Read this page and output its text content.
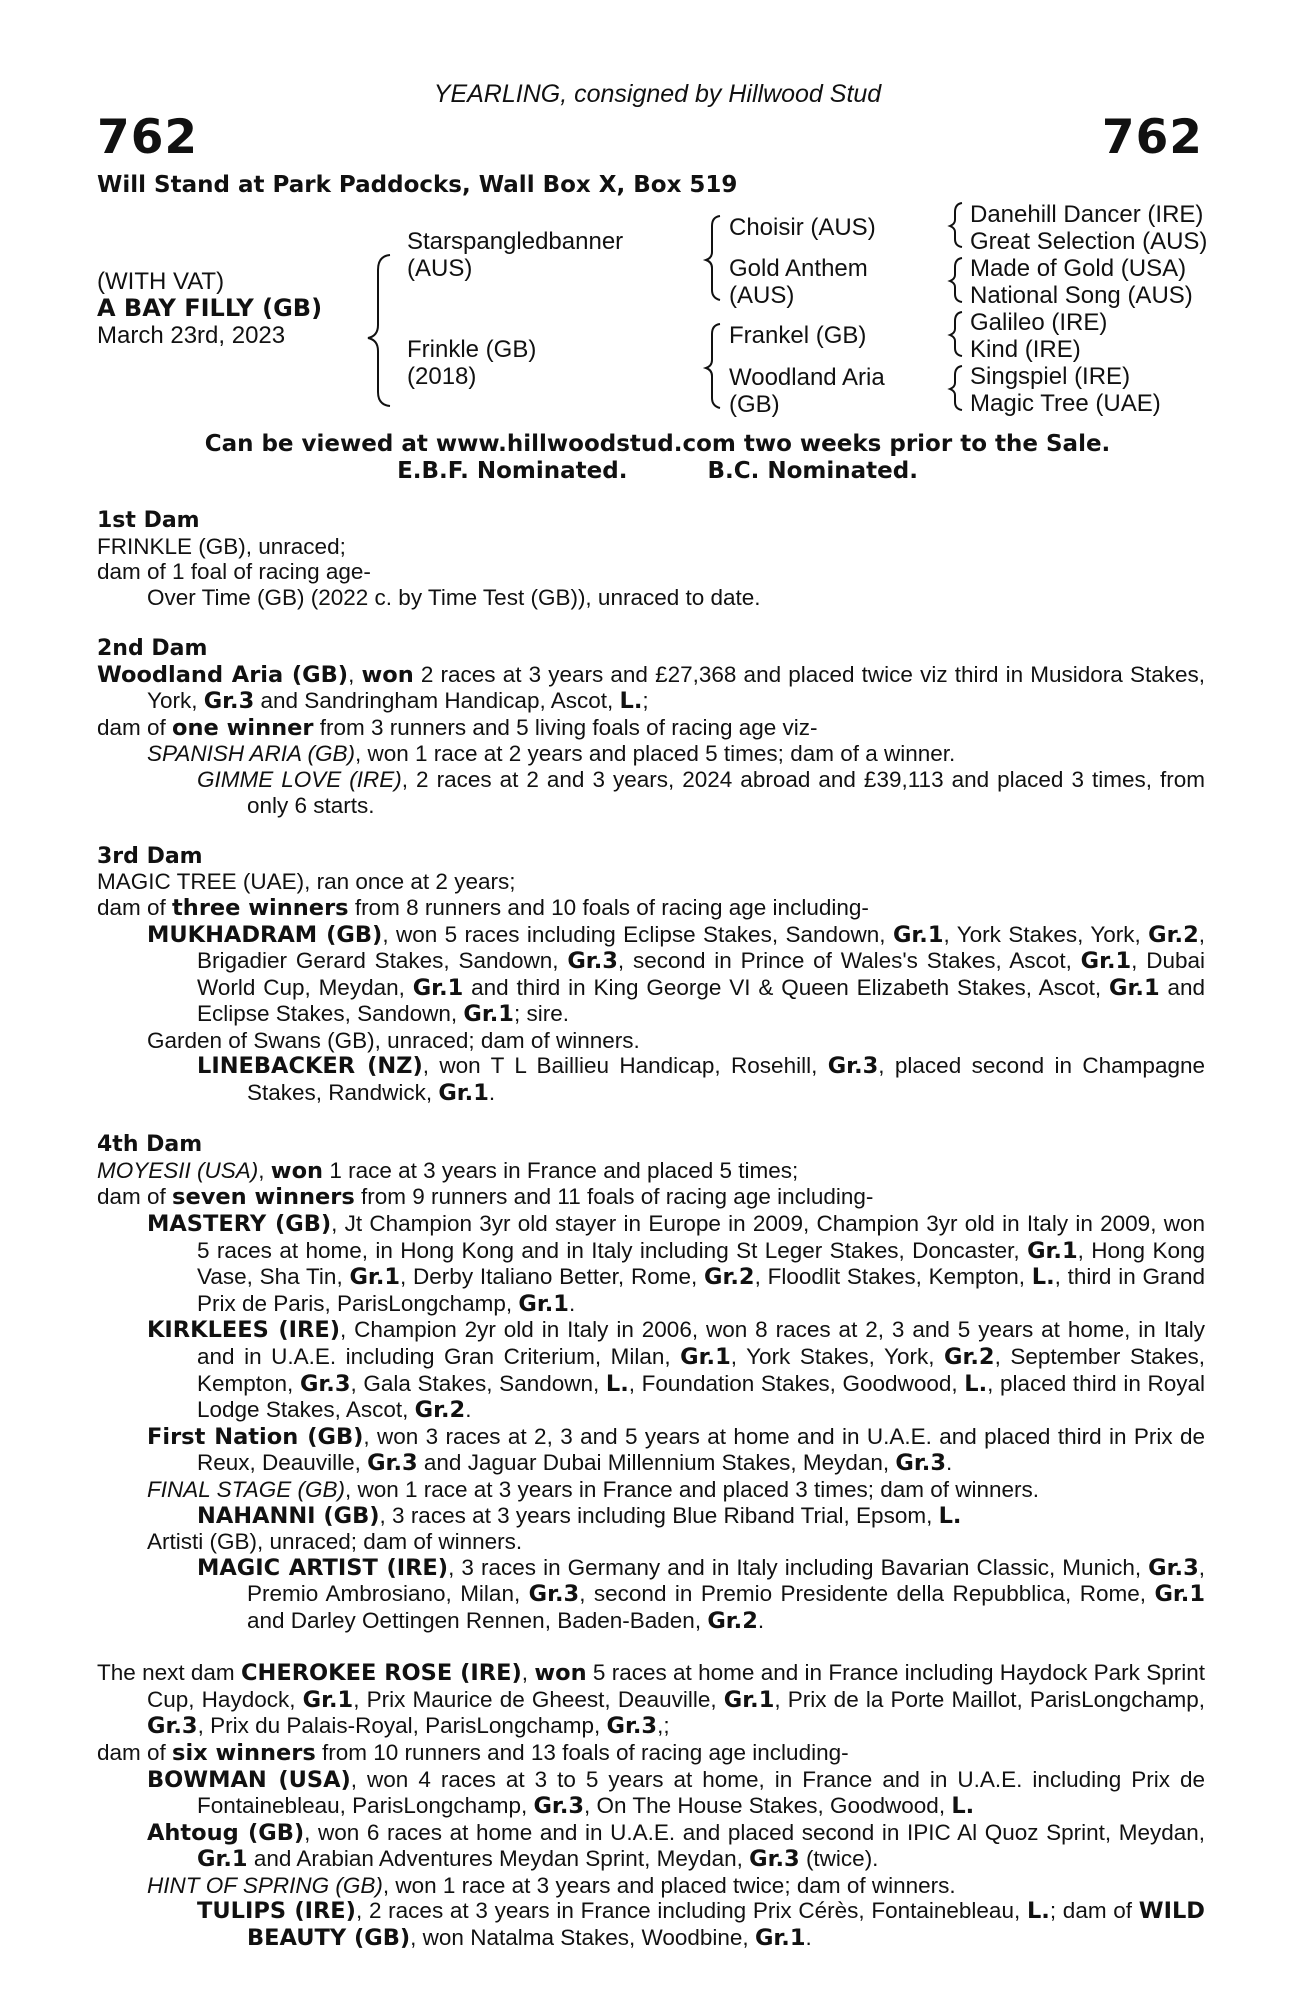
YEARLING, consigned by Hillwood Stud
762	762
Will Stand at Park Paddocks, Wall Box X, Box 519
(WITH VAT)
A BAY FILLY (GB)
March 23rd, 2023
Starspangledbanner
(AUS)
Frinkle (GB)
(2018)
Choisir (AUS)
Gold Anthem
(AUS)
Frankel (GB)
Woodland Aria
(GB)
Danehill Dancer (IRE)
Great Selection (AUS)
Made of Gold (USA)
National Song (AUS)
Galileo (IRE)
Kind (IRE)
Singspiel (IRE)
Magic Tree (UAE)
Can be viewed at www.hillwoodstud.com two weeks prior to the Sale.
E.B.F. Nominated.	B.C. Nominated.
1st Dam
FRINKLE (GB), unraced;
dam of 1 foal of racing age-
Over Time (GB) (2022 c. by Time Test (GB)), unraced to date.
2nd Dam
Woodland Aria (GB), won 2 races at 3 years and £27,368 and placed twice viz third in Musidora Stakes, York, Gr.3 and Sandringham Handicap, Ascot, L.;
dam of one winner from 3 runners and 5 living foals of racing age viz-
SPANISH ARIA (GB), won 1 race at 2 years and placed 5 times; dam of a winner.
GIMME LOVE (IRE), 2 races at 2 and 3 years, 2024 abroad and £39,113 and placed 3 times, from only 6 starts.
3rd Dam
MAGIC TREE (UAE), ran once at 2 years;
dam of three winners from 8 runners and 10 foals of racing age including-
MUKHADRAM (GB), won 5 races including Eclipse Stakes, Sandown, Gr.1, York Stakes, York, Gr.2, Brigadier Gerard Stakes, Sandown, Gr.3, second in Prince of Wales's Stakes, Ascot, Gr.1, Dubai World Cup, Meydan, Gr.1 and third in King George VI & Queen Elizabeth Stakes, Ascot, Gr.1 and Eclipse Stakes, Sandown, Gr.1; sire.
Garden of Swans (GB), unraced; dam of winners.
LINEBACKER (NZ), won T L Baillieu Handicap, Rosehill, Gr.3, placed second in Champagne Stakes, Randwick, Gr.1.
4th Dam
MOYESII (USA), won 1 race at 3 years in France and placed 5 times;
dam of seven winners from 9 runners and 11 foals of racing age including-
MASTERY (GB), Jt Champion 3yr old stayer in Europe in 2009, Champion 3yr old in Italy in 2009, won 5 races at home, in Hong Kong and in Italy including St Leger Stakes, Doncaster, Gr.1, Hong Kong Vase, Sha Tin, Gr.1, Derby Italiano Better, Rome, Gr.2, Floodlit Stakes, Kempton, L., third in Grand Prix de Paris, ParisLongchamp, Gr.1.
KIRKLEES (IRE), Champion 2yr old in Italy in 2006, won 8 races at 2, 3 and 5 years at home, in Italy and in U.A.E. including Gran Criterium, Milan, Gr.1, York Stakes, York, Gr.2, September Stakes, Kempton, Gr.3, Gala Stakes, Sandown, L., Foundation Stakes, Goodwood, L., placed third in Royal Lodge Stakes, Ascot, Gr.2.
First Nation (GB), won 3 races at 2, 3 and 5 years at home and in U.A.E. and placed third in Prix de Reux, Deauville, Gr.3 and Jaguar Dubai Millennium Stakes, Meydan, Gr.3.
FINAL STAGE (GB), won 1 race at 3 years in France and placed 3 times; dam of winners.
NAHANNI (GB), 3 races at 3 years including Blue Riband Trial, Epsom, L.
Artisti (GB), unraced; dam of winners.
MAGIC ARTIST (IRE), 3 races in Germany and in Italy including Bavarian Classic, Munich, Gr.3, Premio Ambrosiano, Milan, Gr.3, second in Premio Presidente della Repubblica, Rome, Gr.1 and Darley Oettingen Rennen, Baden-Baden, Gr.2.
The next dam CHEROKEE ROSE (IRE), won 5 races at home and in France including Haydock Park Sprint Cup, Haydock, Gr.1, Prix Maurice de Gheest, Deauville, Gr.1, Prix de la Porte Maillot, ParisLongchamp, Gr.3, Prix du Palais-Royal, ParisLongchamp, Gr.3,;
dam of six winners from 10 runners and 13 foals of racing age including-
BOWMAN (USA), won 4 races at 3 to 5 years at home, in France and in U.A.E. including Prix de Fontainebleau, ParisLongchamp, Gr.3, On The House Stakes, Goodwood, L.
Ahtoug (GB), won 6 races at home and in U.A.E. and placed second in IPIC Al Quoz Sprint, Meydan, Gr.1 and Arabian Adventures Meydan Sprint, Meydan, Gr.3 (twice).
HINT OF SPRING (GB), won 1 race at 3 years and placed twice; dam of winners.
TULIPS (IRE), 2 races at 3 years in France including Prix Cérès, Fontainebleau, L.; dam of WILD BEAUTY (GB), won Natalma Stakes, Woodbine, Gr.1.
